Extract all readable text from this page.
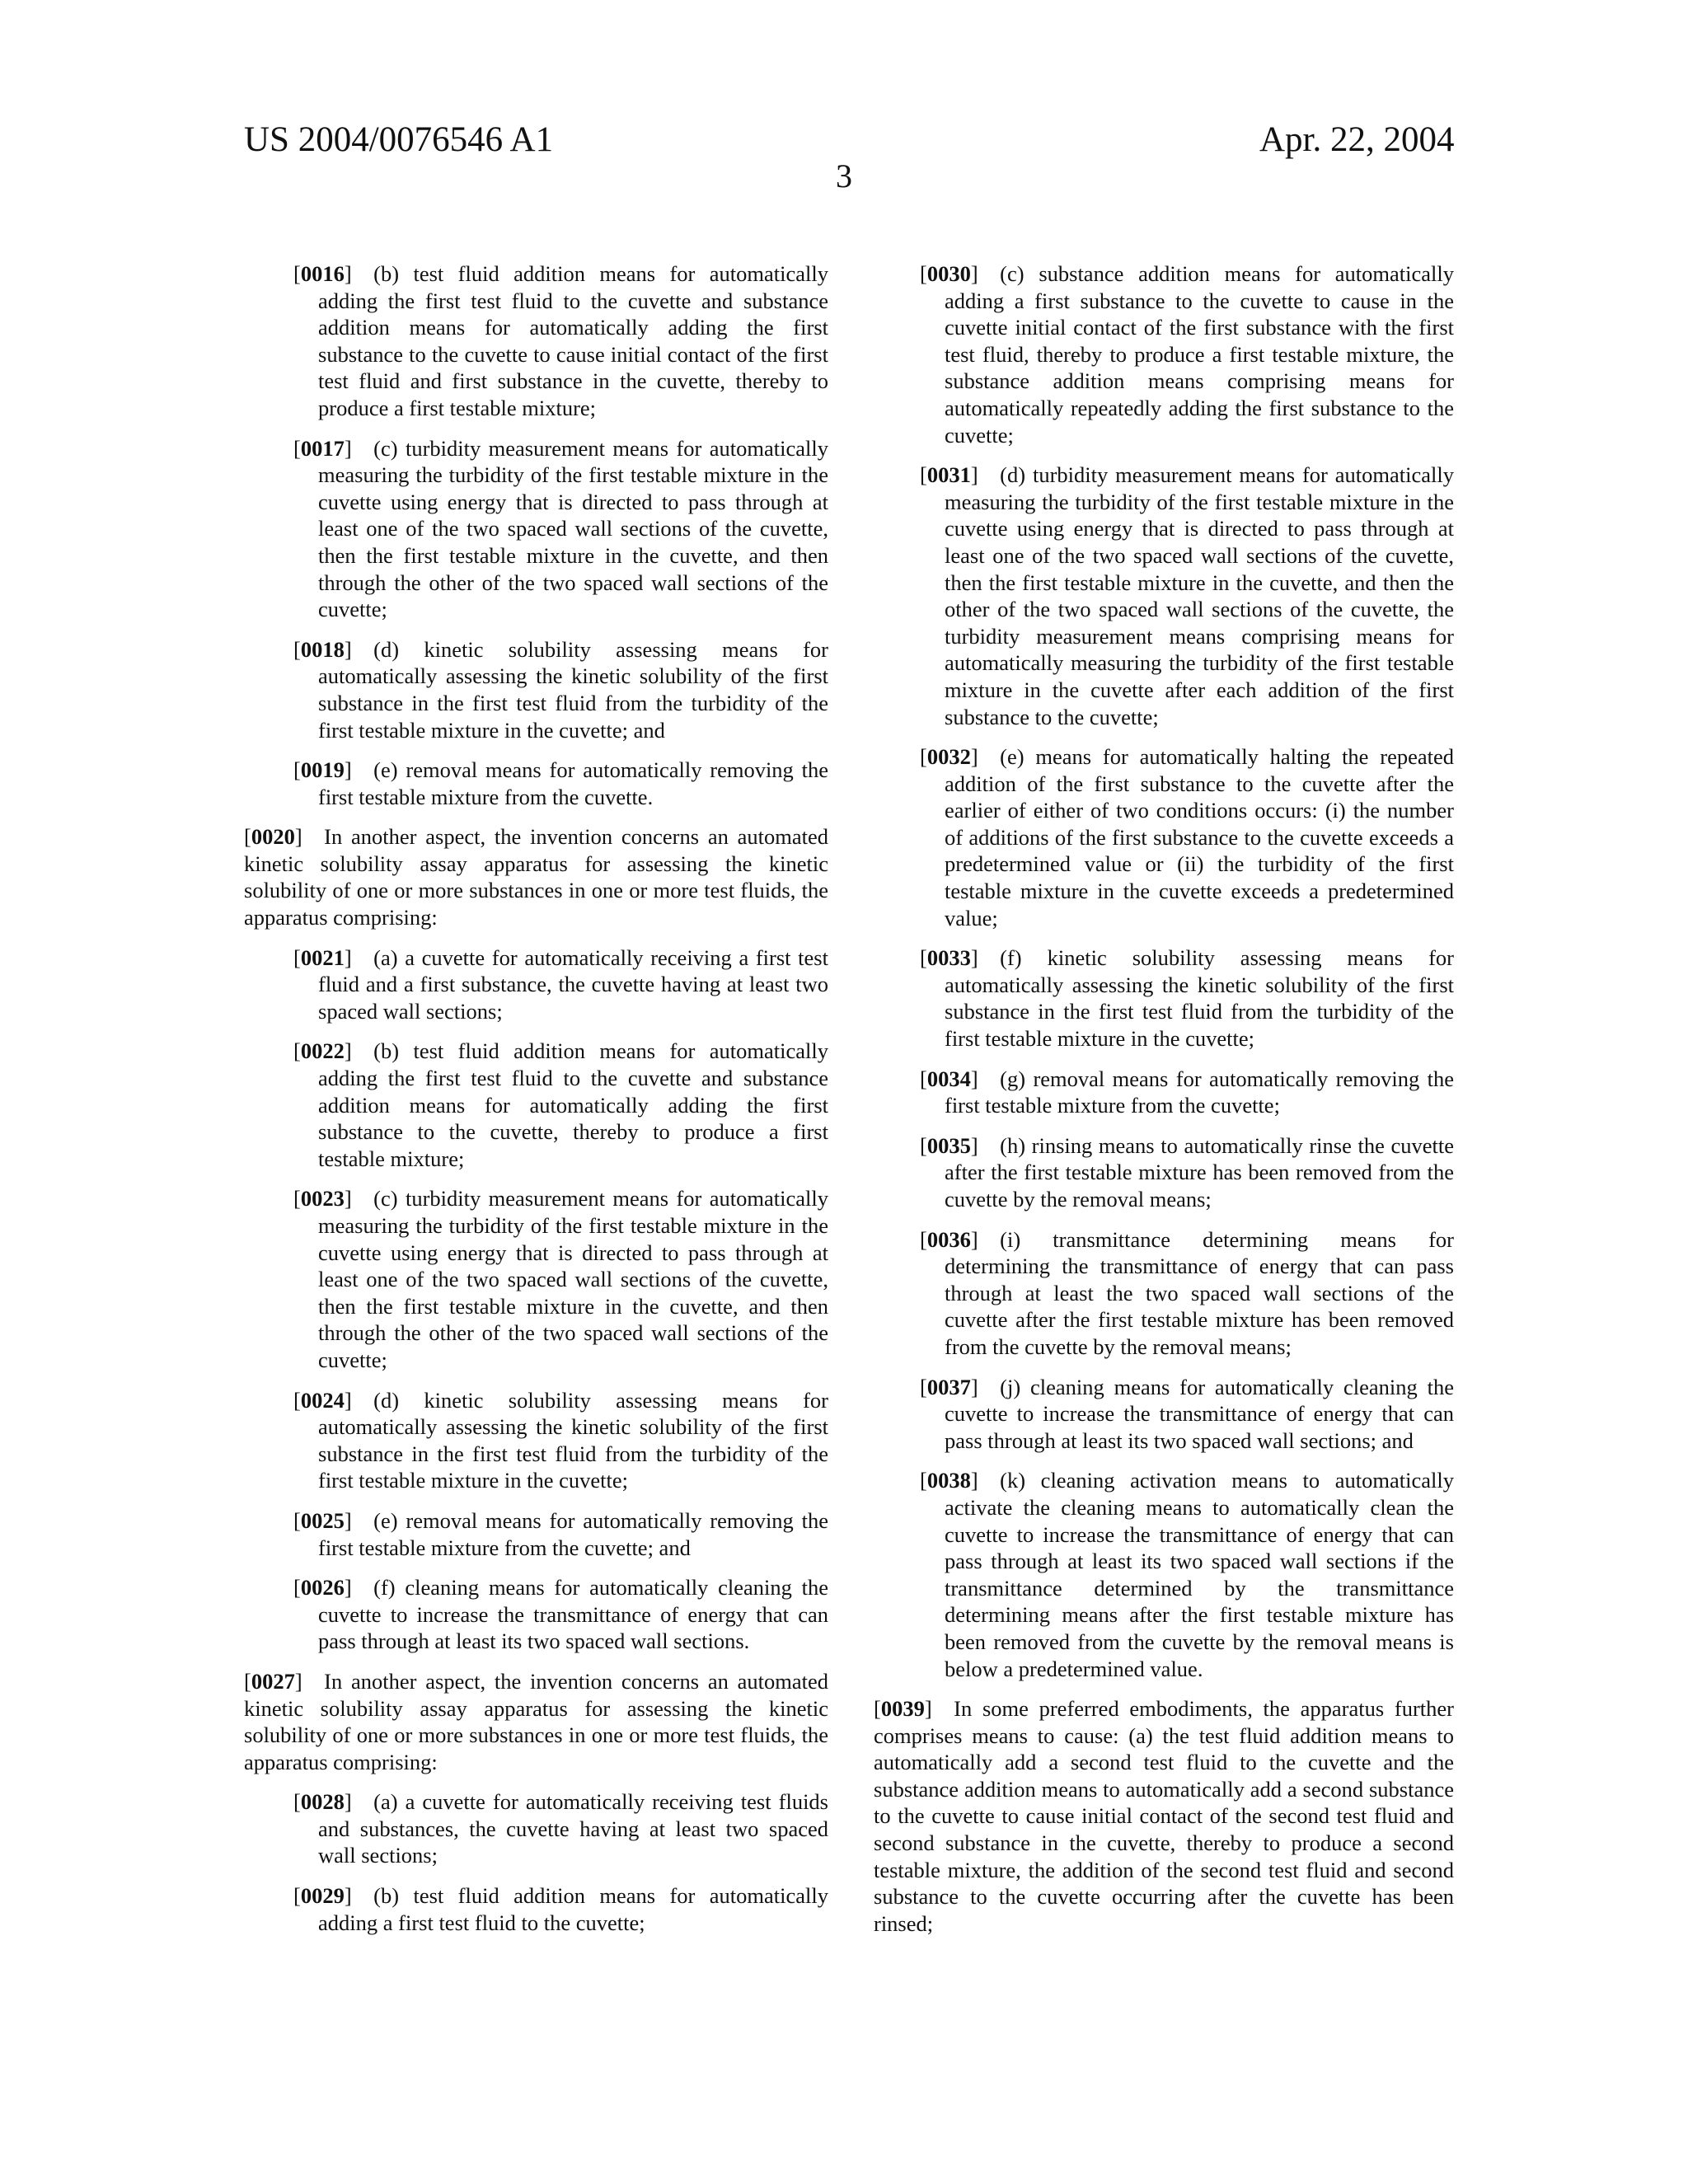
US 2004/0076546 A1
3
Apr. 22, 2004

[0016]  (b) test fluid addition means for automatically adding the first test fluid to the cuvette and substance addition means for automatically adding the first substance to the cuvette to cause initial contact of the first test fluid and first substance in the cuvette, thereby to produce a first testable mixture;

[0017]  (c) turbidity measurement means for automatically measuring the turbidity of the first testable mixture in the cuvette using energy that is directed to pass through at least one of the two spaced wall sections of the cuvette, then the first testable mixture in the cuvette, and then through the other of the two spaced wall sections of the cuvette;

[0018]  (d) kinetic solubility assessing means for automatically assessing the kinetic solubility of the first substance in the first test fluid from the turbidity of the first testable mixture in the cuvette; and

[0019]  (e) removal means for automatically removing the first testable mixture from the cuvette.

[0020]  In another aspect, the invention concerns an automated kinetic solubility assay apparatus for assessing the kinetic solubility of one or more substances in one or more test fluids, the apparatus comprising:

[0021]  (a) a cuvette for automatically receiving a first test fluid and a first substance, the cuvette having at least two spaced wall sections;

[0022]  (b) test fluid addition means for automatically adding the first test fluid to the cuvette and substance addition means for automatically adding the first substance to the cuvette, thereby to produce a first testable mixture;

[0023]  (c) turbidity measurement means for automatically measuring the turbidity of the first testable mixture in the cuvette using energy that is directed to pass through at least one of the two spaced wall sections of the cuvette, then the first testable mixture in the cuvette, and then through the other of the two spaced wall sections of the cuvette;

[0024]  (d) kinetic solubility assessing means for automatically assessing the kinetic solubility of the first substance in the first test fluid from the turbidity of the first testable mixture in the cuvette;

[0025]  (e) removal means for automatically removing the first testable mixture from the cuvette; and

[0026]  (f) cleaning means for automatically cleaning the cuvette to increase the transmittance of energy that can pass through at least its two spaced wall sections.

[0027]  In another aspect, the invention concerns an automated kinetic solubility assay apparatus for assessing the kinetic solubility of one or more substances in one or more test fluids, the apparatus comprising:

[0028]  (a) a cuvette for automatically receiving test fluids and substances, the cuvette having at least two spaced wall sections;

[0029]  (b) test fluid addition means for automatically adding a first test fluid to the cuvette;

[0030]  (c) substance addition means for automatically adding a first substance to the cuvette to cause in the cuvette initial contact of the first substance with the first test fluid, thereby to produce a first testable mixture, the substance addition means comprising means for automatically repeatedly adding the first substance to the cuvette;

[0031]  (d) turbidity measurement means for automatically measuring the turbidity of the first testable mixture in the cuvette using energy that is directed to pass through at least one of the two spaced wall sections of the cuvette, then the first testable mixture in the cuvette, and then the other of the two spaced wall sections of the cuvette, the turbidity measurement means comprising means for automatically measuring the turbidity of the first testable mixture in the cuvette after each addition of the first substance to the cuvette;

[0032]  (e) means for automatically halting the repeated addition of the first substance to the cuvette after the earlier of either of two conditions occurs: (i) the number of additions of the first substance to the cuvette exceeds a predetermined value or (ii) the turbidity of the first testable mixture in the cuvette exceeds a predetermined value;

[0033]  (f) kinetic solubility assessing means for automatically assessing the kinetic solubility of the first substance in the first test fluid from the turbidity of the first testable mixture in the cuvette;

[0034]  (g) removal means for automatically removing the first testable mixture from the cuvette;

[0035]  (h) rinsing means to automatically rinse the cuvette after the first testable mixture has been removed from the cuvette by the removal means;

[0036]  (i) transmittance determining means for determining the transmittance of energy that can pass through at least the two spaced wall sections of the cuvette after the first testable mixture has been removed from the cuvette by the removal means;

[0037]  (j) cleaning means for automatically cleaning the cuvette to increase the transmittance of energy that can pass through at least its two spaced wall sections; and

[0038]  (k) cleaning activation means to automatically activate the cleaning means to automatically clean the cuvette to increase the transmittance of energy that can pass through at least its two spaced wall sections if the transmittance determined by the transmittance determining means after the first testable mixture has been removed from the cuvette by the removal means is below a predetermined value.

[0039]  In some preferred embodiments, the apparatus further comprises means to cause: (a) the test fluid addition means to automatically add a second test fluid to the cuvette and the substance addition means to automatically add a second substance to the cuvette to cause initial contact of the second test fluid and second substance in the cuvette, thereby to produce a second testable mixture, the addition of the second test fluid and second substance to the cuvette occurring after the cuvette has been rinsed;
